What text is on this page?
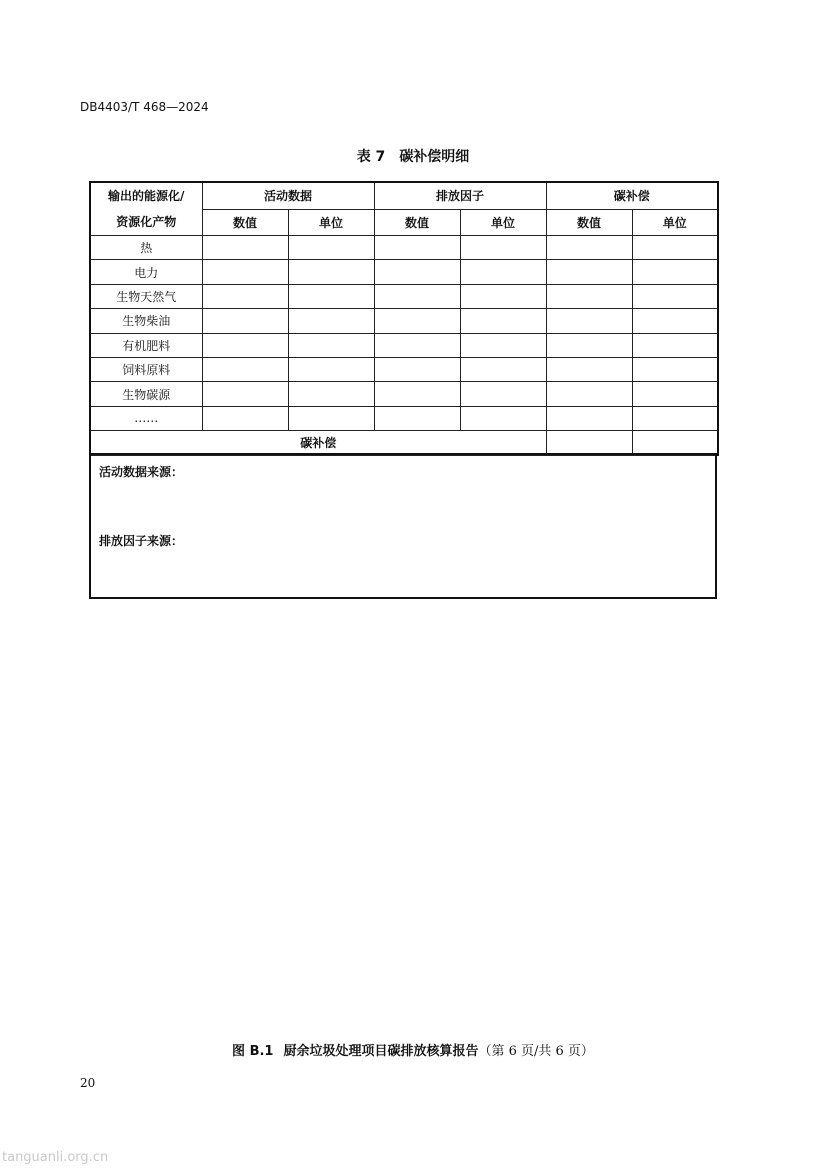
DB4403/T 468—2024
表 7 碳补偿明细
输出的能源化/
资源化产物	活动数据		排放因子		碳补偿	
	数值	单位	数值	单位	数值	单位
热						
电力						
生物天然气						
生物柴油						
有机肥料						
饲料原料						
生物碳源						
……						
碳补偿						
活动数据来源：
排放因子来源：
图 B.1 厨余垃圾处理项目碳排放核算报告（第 6 页/共 6 页）
20
tanguanli.org.cn
